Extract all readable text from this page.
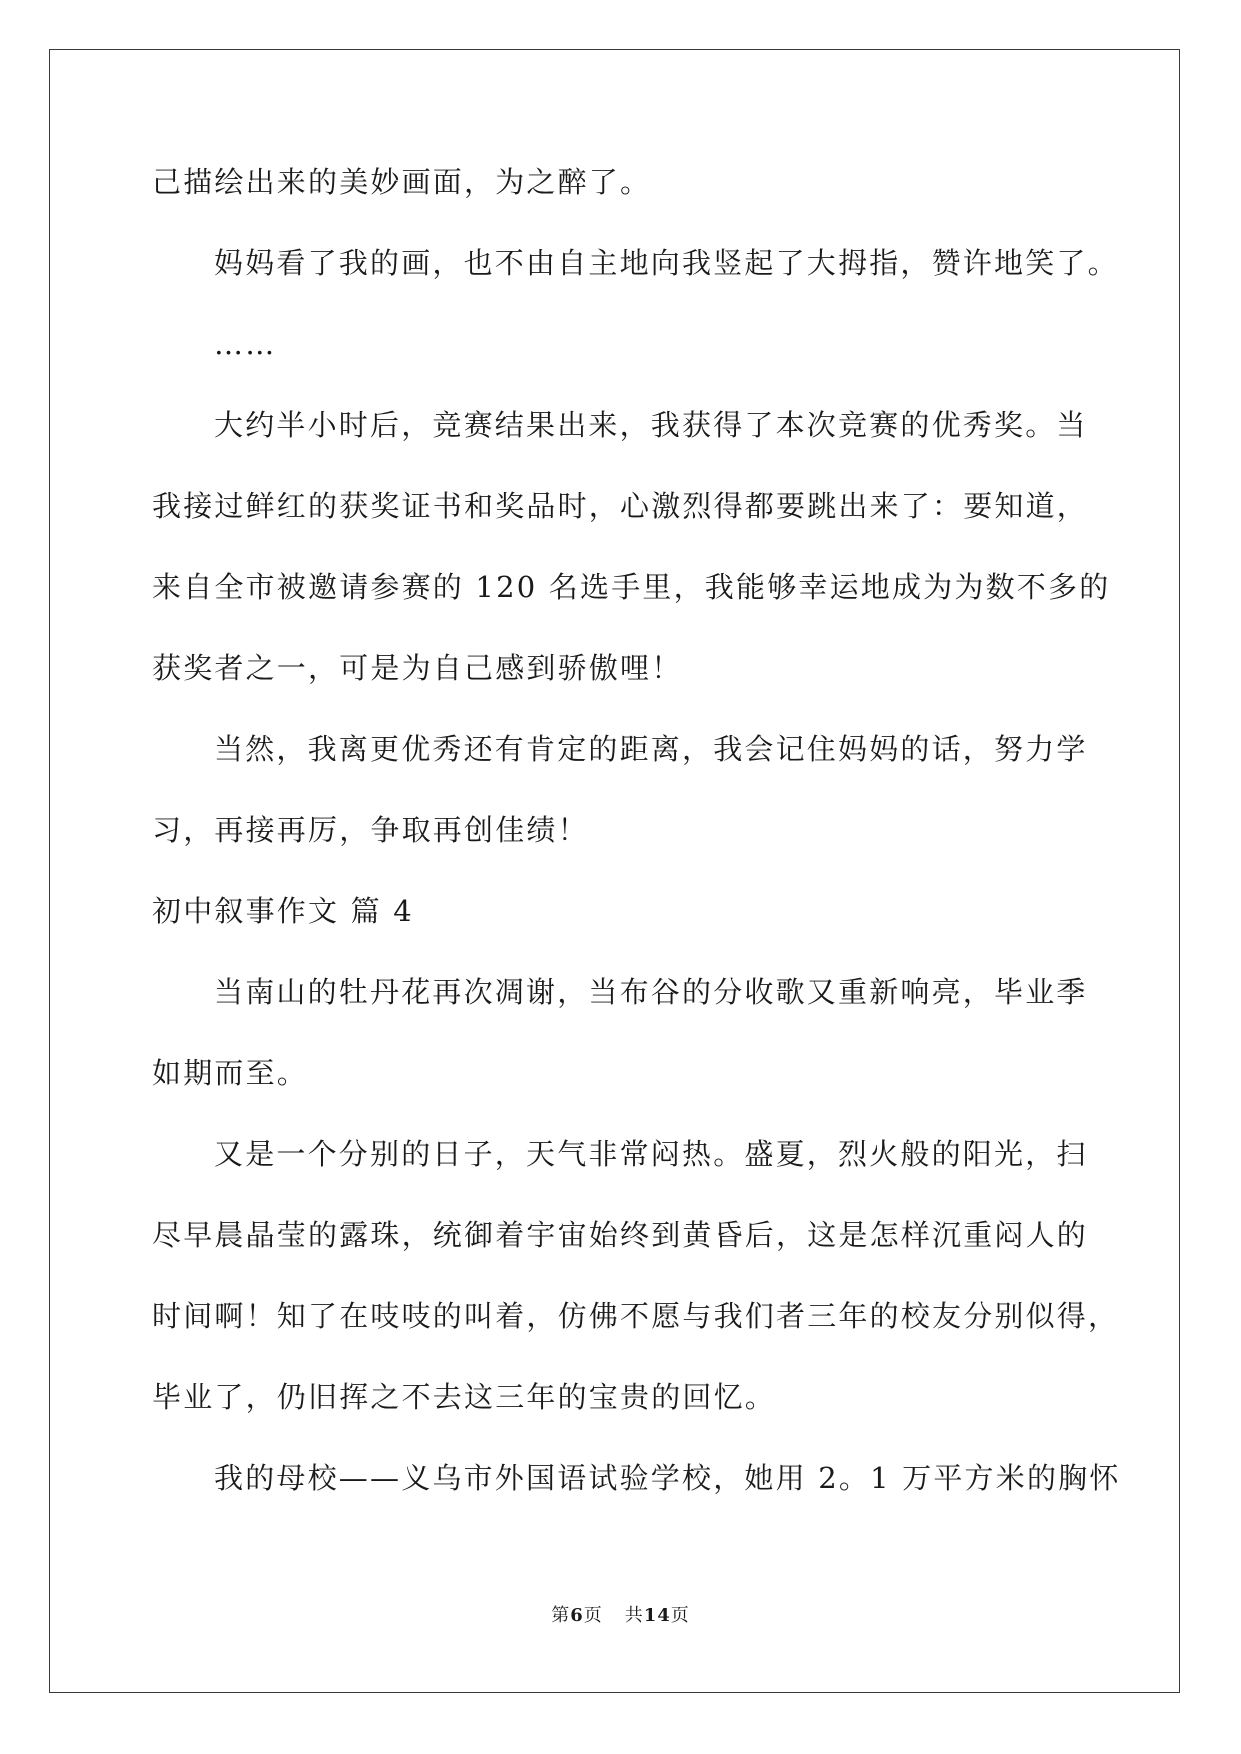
己描绘出来的美妙画面，为之醉了。
妈妈看了我的画，也不由自主地向我竖起了大拇指，赞许地笑了。
……
大约半小时后，竞赛结果出来，我获得了本次竞赛的优秀奖。当
我接过鲜红的获奖证书和奖品时，心激烈得都要跳出来了：要知道，
来自全市被邀请参赛的 120 名选手里，我能够幸运地成为为数不多的
获奖者之一，可是为自己感到骄傲哩！
当然，我离更优秀还有肯定的距离，我会记住妈妈的话，努力学
习，再接再厉，争取再创佳绩！
初中叙事作文 篇 4
当南山的牡丹花再次凋谢，当布谷的分收歌又重新响亮，毕业季
如期而至。
又是一个分别的日子，天气非常闷热。盛夏，烈火般的阳光，扫
尽早晨晶莹的露珠，统御着宇宙始终到黄昏后，这是怎样沉重闷人的
时间啊！知了在吱吱的叫着，仿佛不愿与我们者三年的校友分别似得，
毕业了，仍旧挥之不去这三年的宝贵的回忆。
我的母校——义乌市外国语试验学校，她用 2。1 万平方米的胸怀
第6页 共14页
